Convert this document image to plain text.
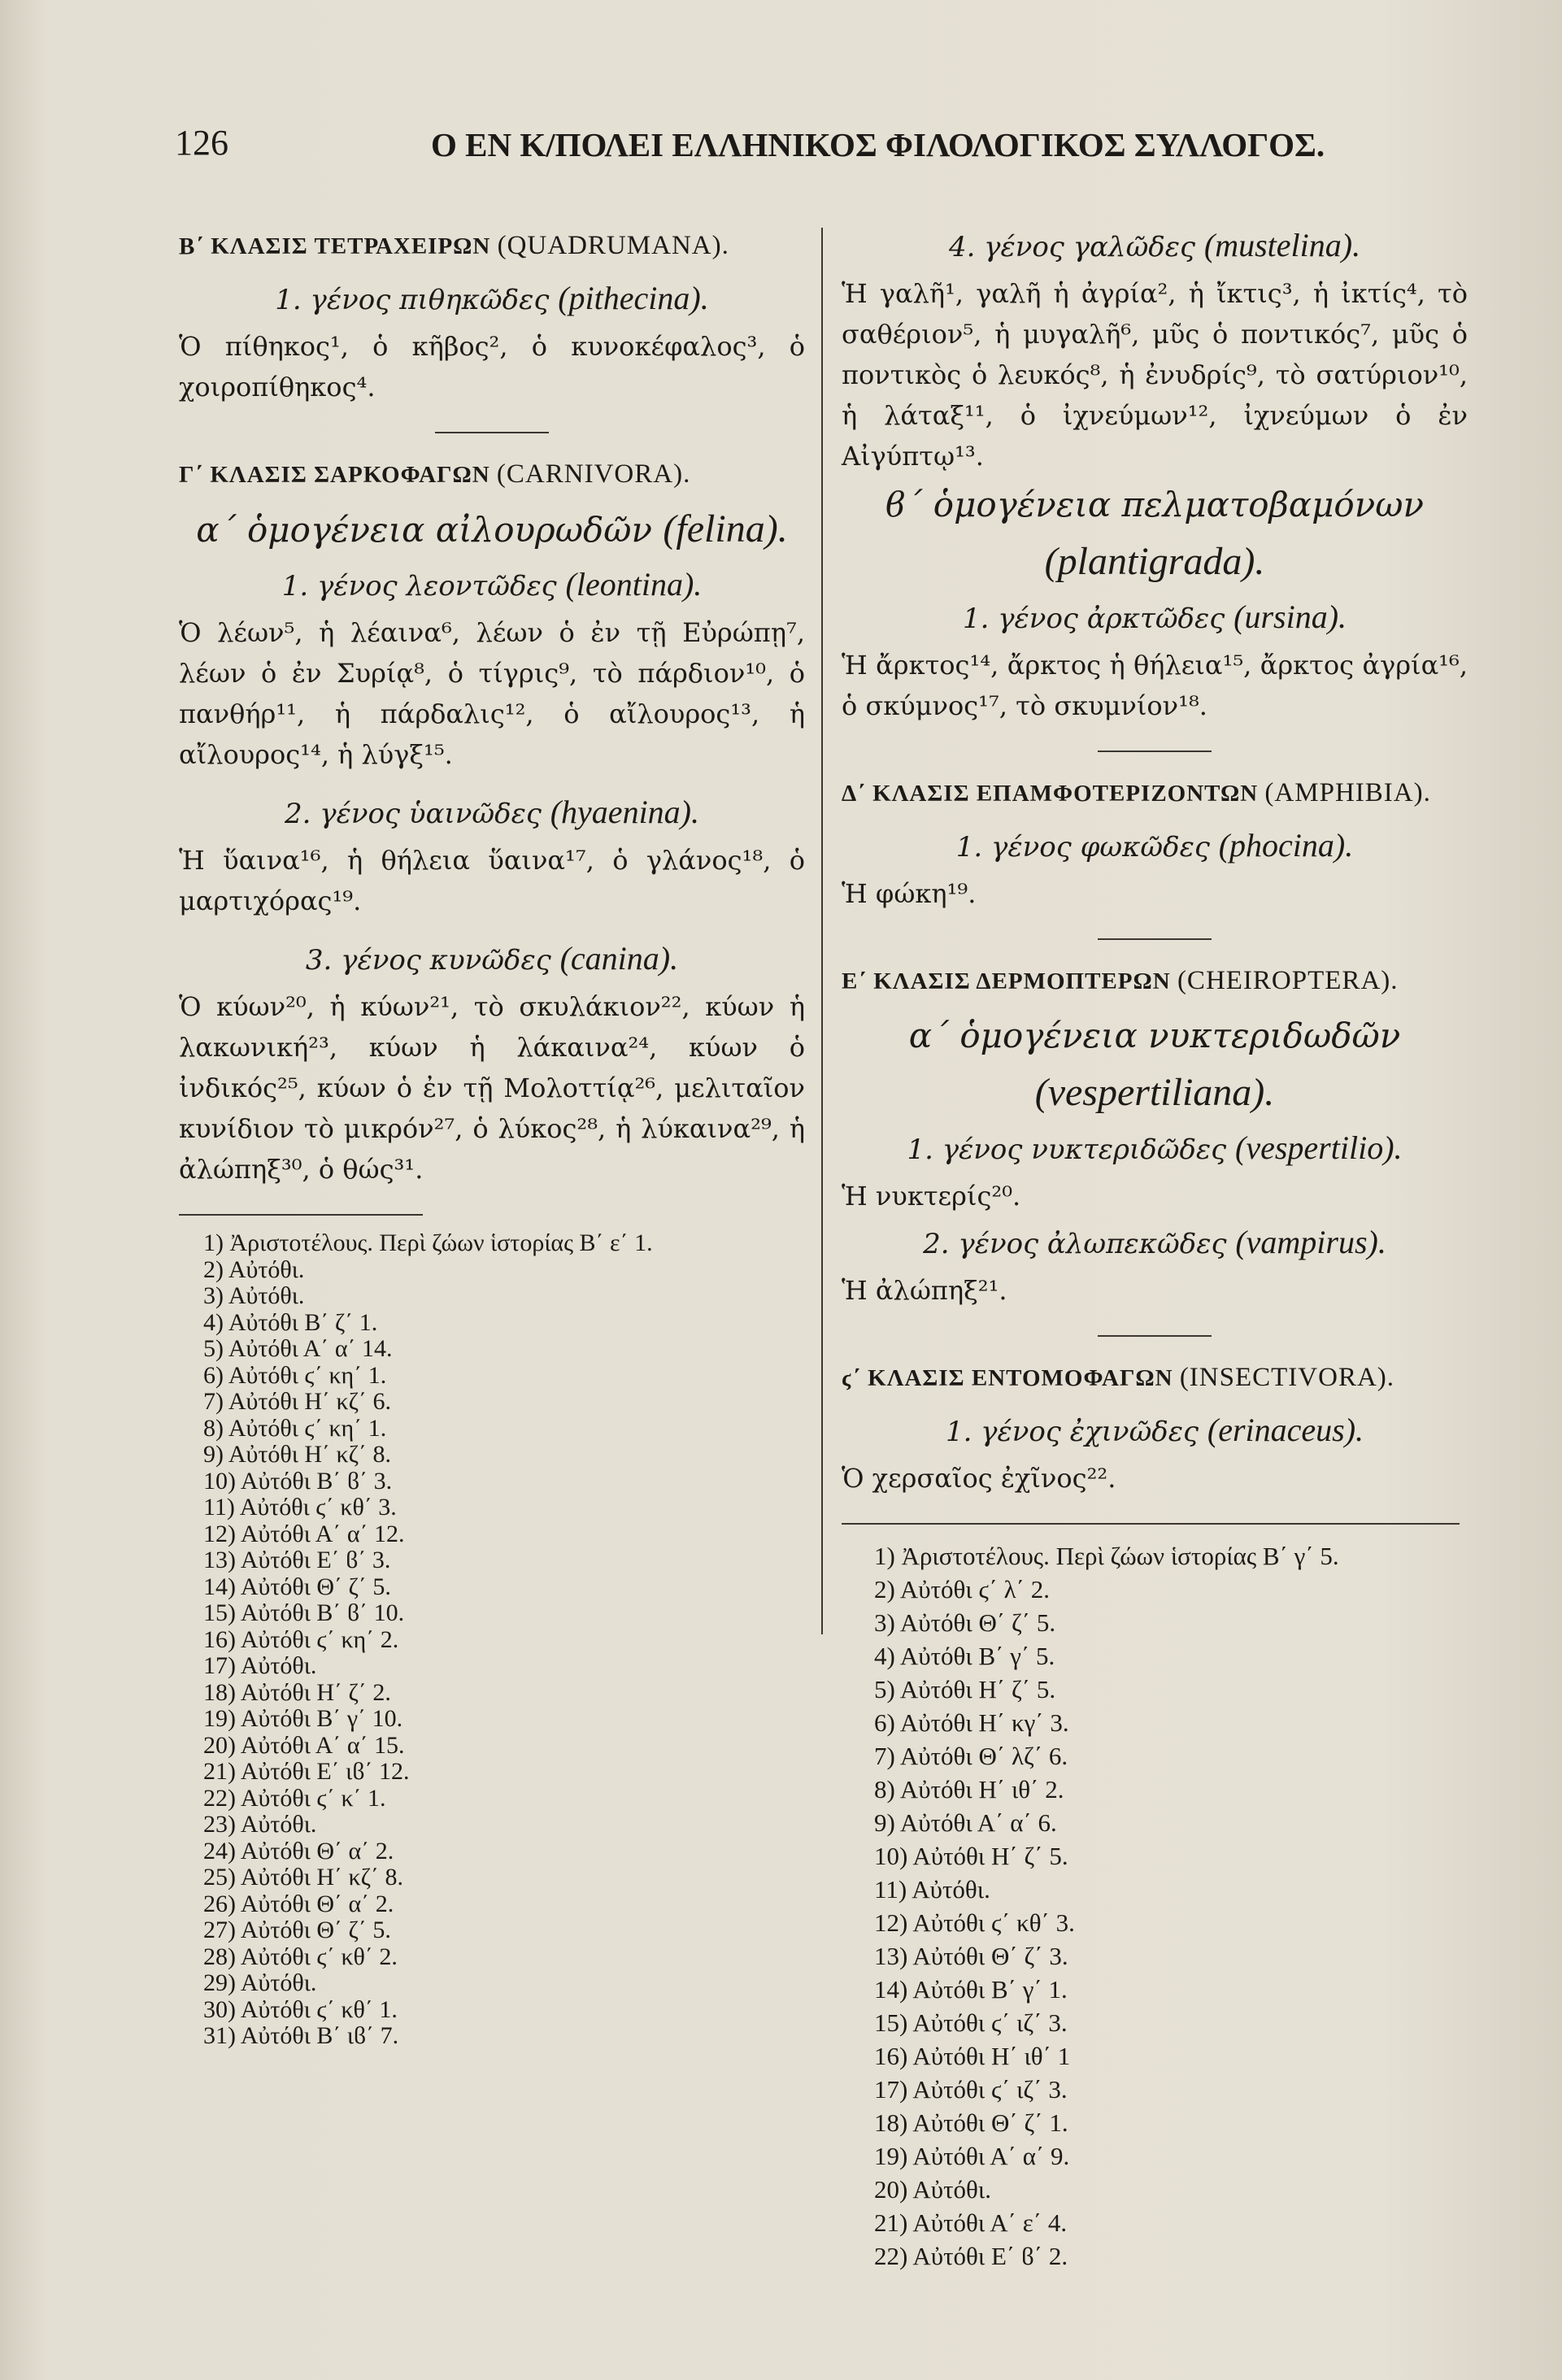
126	Ο ΕΝ Κ/ΠΟΛΕΙ ΕΛΛΗΝΙΚΟΣ ΦΙΛΟΛΟΓΙΚΟΣ ΣΥΛΛΟΓΟΣ.
Β΄ ΚΛΑΣΙΣ ΤΕΤΡΑΧΕΙΡΩΝ (QUADRUMANA).
1. γένος πιθηκῶδες (pithecina).
Ὁ πίθηκος¹, ὁ κῆβος², ὁ κυνοκέφαλος³, ὁ χοιροπίθηκος⁴.
Γ΄ ΚΛΑΣΙΣ ΣΑΡΚΟΦΑΓΩΝ (CARNIVORA).
α΄ ὁμογένεια αἰλουρωδῶν (felina).
1. γένος λεοντῶδες (leontina).
Ὁ λέων⁵, ἡ λέαινα⁶, λέων ὁ ἐν τῇ Εὐρώπῃ⁷, λέων ὁ ἐν Συρίᾳ⁸, ὁ τίγρις⁹, τὸ πάρδιον¹⁰, ὁ πανθήρ¹¹, ἡ πάρδαλις¹², ὁ αἴλουρος¹³, ἡ αἴλουρος¹⁴, ἡ λύγξ¹⁵.
2. γένος ὑαινῶδες (hyaenina).
Ἡ ὕαινα¹⁶, ἡ θήλεια ὕαινα¹⁷, ὁ γλάνος¹⁸, ὁ μαρτιχόρας¹⁹.
3. γένος κυνῶδες (canina).
Ὁ κύων²⁰, ἡ κύων²¹, τὸ σκυλάκιον²², κύων ἡ λακωνική²³, κύων ἡ λάκαινα²⁴, κύων ὁ ἰνδικός²⁵, κύων ὁ ἐν τῇ Μολοττίᾳ²⁶, μελιταῖον κυνίδιον τὸ μικρόν²⁷, ὁ λύκος²⁸, ἡ λύκαινα²⁹, ἡ ἀλώπηξ³⁰, ὁ θώς³¹.
1) Ἀριστοτέλους. Περὶ ζώων ἱστορίας Β΄ ε΄ 1.
2) Αὐτόθι.
3) Αὐτόθι.
4) Αὐτόθι Β΄ ζ΄ 1.
5) Αὐτόθι Α΄ α΄ 14.
6) Αὐτόθι ϛ΄ κη΄ 1.
7) Αὐτόθι Η΄ κζ΄ 6.
8) Αὐτόθι ϛ΄ κη΄ 1.
9) Αὐτόθι Η΄ κζ΄ 8.
10) Αὐτόθι Β΄ ϐ΄ 3.
11) Αὐτόθι ϛ΄ κθ΄ 3.
12) Αὐτόθι Α΄ α΄ 12.
13) Αὐτόθι Ε΄ ϐ΄ 3.
14) Αὐτόθι Θ΄ ζ΄ 5.
15) Αὐτόθι Β΄ ϐ΄ 10.
16) Αὐτόθι ϛ΄ κη΄ 2.
17) Αὐτόθι.
18) Αὐτόθι Η΄ ζ΄ 2.
19) Αὐτόθι Β΄ γ΄ 10.
20) Αὐτόθι Α΄ α΄ 15.
21) Αὐτόθι Ε΄ ιϐ΄ 12.
22) Αὐτόθι ϛ΄ κ΄ 1.
23) Αὐτόθι.
24) Αὐτόθι Θ΄ α΄ 2.
25) Αὐτόθι Η΄ κζ΄ 8.
26) Αὐτόθι Θ΄ α΄ 2.
27) Αὐτόθι Θ΄ ζ΄ 5.
28) Αὐτόθι ϛ΄ κθ΄ 2.
29) Αὐτόθι.
30) Αὐτόθι ϛ΄ κθ΄ 1.
31) Αὐτόθι Β΄ ιϐ΄ 7.
4. γένος γαλῶδες (mustelina).
Ἡ γαλῆ¹, γαλῆ ἡ ἀγρία², ἡ ἴκτις³, ἡ ἰκτίς⁴, τὸ σαθέριον⁵, ἡ μυγαλῆ⁶, μῦς ὁ ποντικός⁷, μῦς ὁ ποντικὸς ὁ λευκός⁸, ἡ ἐνυδρίς⁹, τὸ σατύριον¹⁰, ἡ λάταξ¹¹, ὁ ἰχνεύμων¹², ἰχνεύμων ὁ ἐν Αἰγύπτῳ¹³.
ϐ΄ ὁμογένεια πελματοβαμόνων (plantigrada).
1. γένος ἀρκτῶδες (ursina).
Ἡ ἄρκτος¹⁴, ἄρκτος ἡ θήλεια¹⁵, ἄρκτος ἀγρία¹⁶, ὁ σκύμνος¹⁷, τὸ σκυμνίον¹⁸.
Δ΄ ΚΛΑΣΙΣ ΕΠΑΜΦΟΤΕΡΙΖΟΝΤΩΝ (AMPHIBIA).
1. γένος φωκῶδες (phocina).
Ἡ φώκη¹⁹.
Ε΄ ΚΛΑΣΙΣ ΔΕΡΜΟΠΤΕΡΩΝ (CHEIROPTERA).
α΄ ὁμογένεια νυκτεριδωδῶν (vespertiliana).
1. γένος νυκτεριδῶδες (vespertilio).
Ἡ νυκτερίς²⁰.
2. γένος ἀλωπεκῶδες (vampirus).
Ἡ ἀλώπηξ²¹.
ϛ΄ ΚΛΑΣΙΣ ΕΝΤΟΜΟΦΑΓΩΝ (INSECTIVORA).
1. γένος ἐχινῶδες (erinaceus).
Ὁ χερσαῖος ἐχῖνος²².
1) Ἀριστοτέλους. Περὶ ζώων ἱστορίας Β΄ γ΄ 5.
2) Αὐτόθι ϛ΄ λ΄ 2.
3) Αὐτόθι Θ΄ ζ΄ 5.
4) Αὐτόθι Β΄ γ΄ 5.
5) Αὐτόθι Η΄ ζ΄ 5.
6) Αὐτόθι Η΄ κγ΄ 3.
7) Αὐτόθι Θ΄ λζ΄ 6.
8) Αὐτόθι Η΄ ιθ΄ 2.
9) Αὐτόθι Α΄ α΄ 6.
10) Αὐτόθι Η΄ ζ΄ 5.
11) Αὐτόθι.
12) Αὐτόθι ϛ΄ κθ΄ 3.
13) Αὐτόθι Θ΄ ζ΄ 3.
14) Αὐτόθι Β΄ γ΄ 1.
15) Αὐτόθι ϛ΄ ιζ΄ 3.
16) Αὐτόθι Η΄ ιθ΄ 1
17) Αὐτόθι ϛ΄ ιζ΄ 3.
18) Αὐτόθι Θ΄ ζ΄ 1.
19) Αὐτόθι Α΄ α΄ 9.
20) Αὐτόθι.
21) Αὐτόθι Α΄ ε΄ 4.
22) Αὐτόθι Ε΄ ϐ΄ 2.
